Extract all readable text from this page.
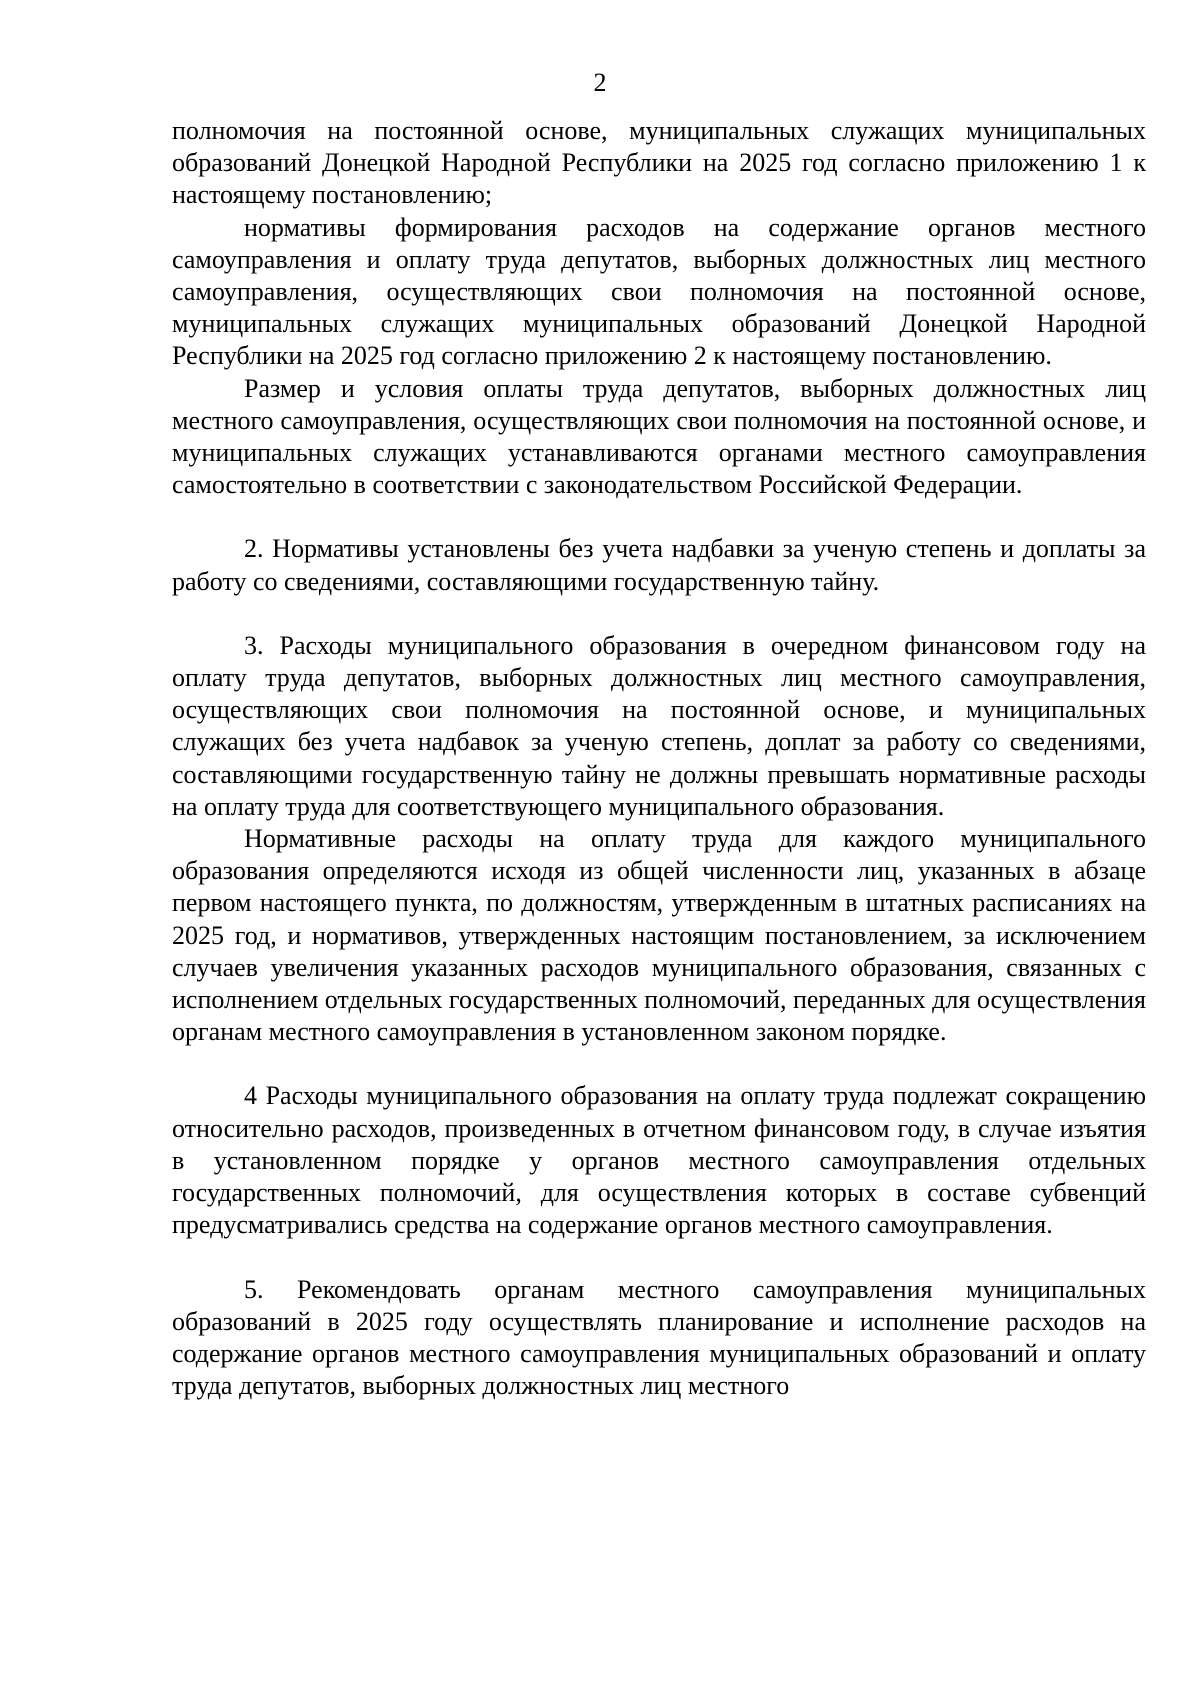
2

полномочия на постоянной основе, муниципальных служащих муниципальных образований Донецкой Народной Республики на 2025 год согласно приложению 1 к настоящему постановлению;

нормативы формирования расходов на содержание органов местного самоуправления и оплату труда депутатов, выборных должностных лиц местного самоуправления, осуществляющих свои полномочия на постоянной основе, муниципальных служащих муниципальных образований Донецкой Народной Республики на 2025 год согласно приложению 2 к настоящему постановлению.

Размер и условия оплаты труда депутатов, выборных должностных лиц местного самоуправления, осуществляющих свои полномочия на постоянной основе, и муниципальных служащих устанавливаются органами местного самоуправления самостоятельно в соответствии с законодательством Российской Федерации.

2. Нормативы установлены без учета надбавки за ученую степень и доплаты за работу со сведениями, составляющими государственную тайну.

3. Расходы муниципального образования в очередном финансовом году на оплату труда депутатов, выборных должностных лиц местного самоуправления, осуществляющих свои полномочия на постоянной основе, и муниципальных служащих без учета надбавок за ученую степень, доплат за работу со сведениями, составляющими государственную тайну не должны превышать нормативные расходы на оплату труда для соответствующего муниципального образования.

Нормативные расходы на оплату труда для каждого муниципального образования определяются исходя из общей численности лиц, указанных в абзаце первом настоящего пункта, по должностям, утвержденным в штатных расписаниях на 2025 год, и нормативов, утвержденных настоящим постановлением, за исключением случаев увеличения указанных расходов муниципального образования, связанных с исполнением отдельных государственных полномочий, переданных для осуществления органам местного самоуправления в установленном законом порядке.

4 Расходы муниципального образования на оплату труда подлежат сокращению относительно расходов, произведенных в отчетном финансовом году, в случае изъятия в установленном порядке у органов местного самоуправления отдельных государственных полномочий, для осуществления которых в составе субвенций предусматривались средства на содержание органов местного самоуправления.

5. Рекомендовать органам местного самоуправления муниципальных образований в 2025 году осуществлять планирование и исполнение расходов на содержание органов местного самоуправления муниципальных образований и оплату труда депутатов, выборных должностных лиц местного
